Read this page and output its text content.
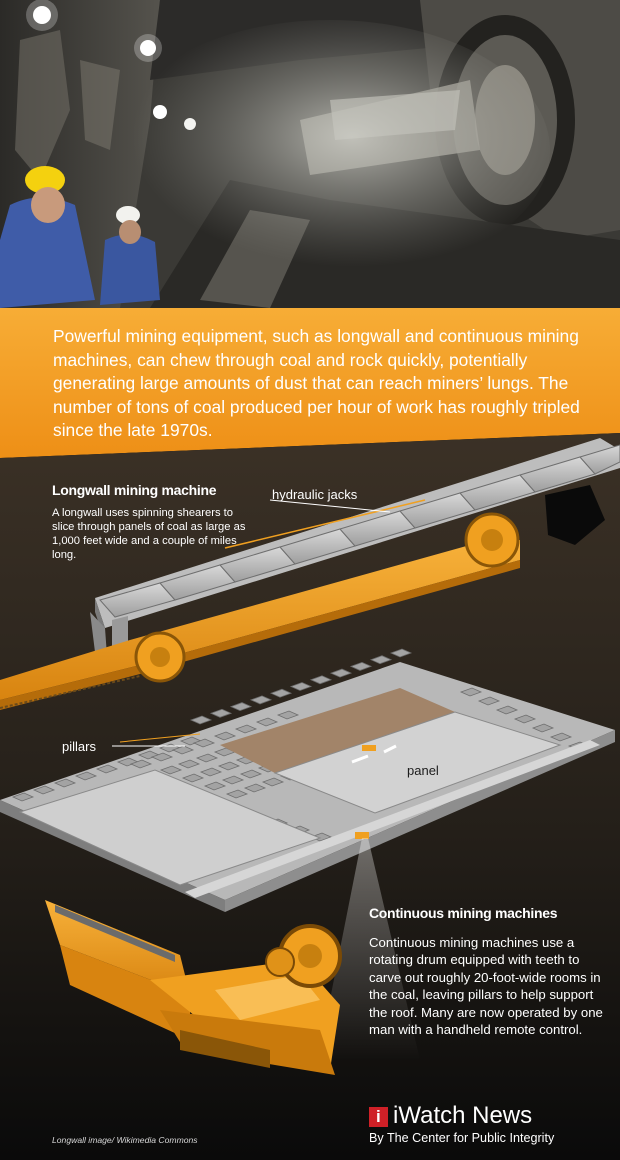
Powerful mining equipment, such as longwall and continuous mining machines, can chew through coal and rock quickly, potentially generating large amounts of dust that can reach miners’ lungs. The number of tons of coal produced per hour of work has roughly tripled since the late 1970s.

Longwall mining machine

A longwall uses spinning shearers to slice through panels of coal as large as 1,000 feet wide and a couple of miles long.

hydraulic jacks

pillars

panel

Continuous mining machines

Continuous mining machines use a rotating drum equipped with teeth to carve out roughly 20-foot-wide rooms in the coal, leaving pillars to help support the roof. Many are now operated by one man with a handheld remote control.

Longwall image/ Wikimedia Commons

i iWatch News

By The Center for Public Integrity
